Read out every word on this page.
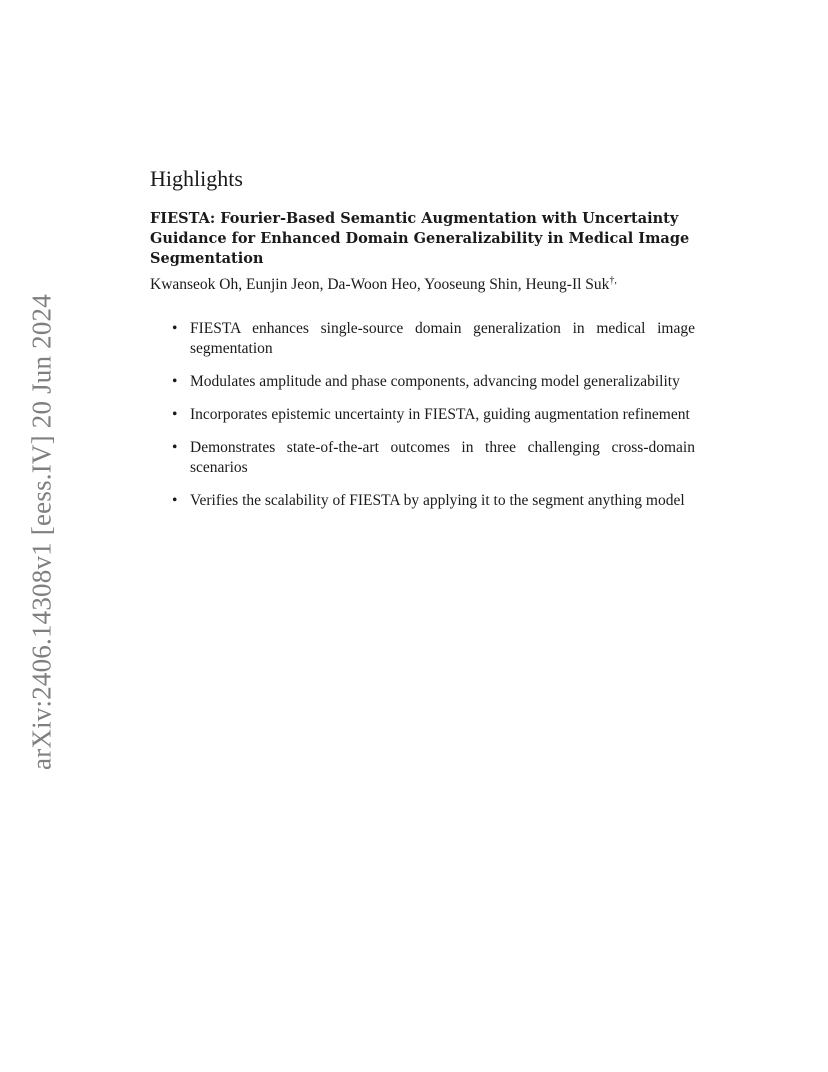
arXiv:2406.14308v1 [eess.IV] 20 Jun 2024
Highlights
FIESTA: Fourier-Based Semantic Augmentation with Uncertainty Guidance for Enhanced Domain Generalizability in Medical Image Segmentation

Kwanseok Oh, Eunjin Jeon, Da-Woon Heo, Yooseung Shin, Heung-Il Suk†,

• FIESTA enhances single-source domain generalization in medical image segmentation
• Modulates amplitude and phase components, advancing model generalizability
• Incorporates epistemic uncertainty in FIESTA, guiding augmentation refinement
• Demonstrates state-of-the-art outcomes in three challenging cross-domain scenarios
• Verifies the scalability of FIESTA by applying it to the segment anything model
